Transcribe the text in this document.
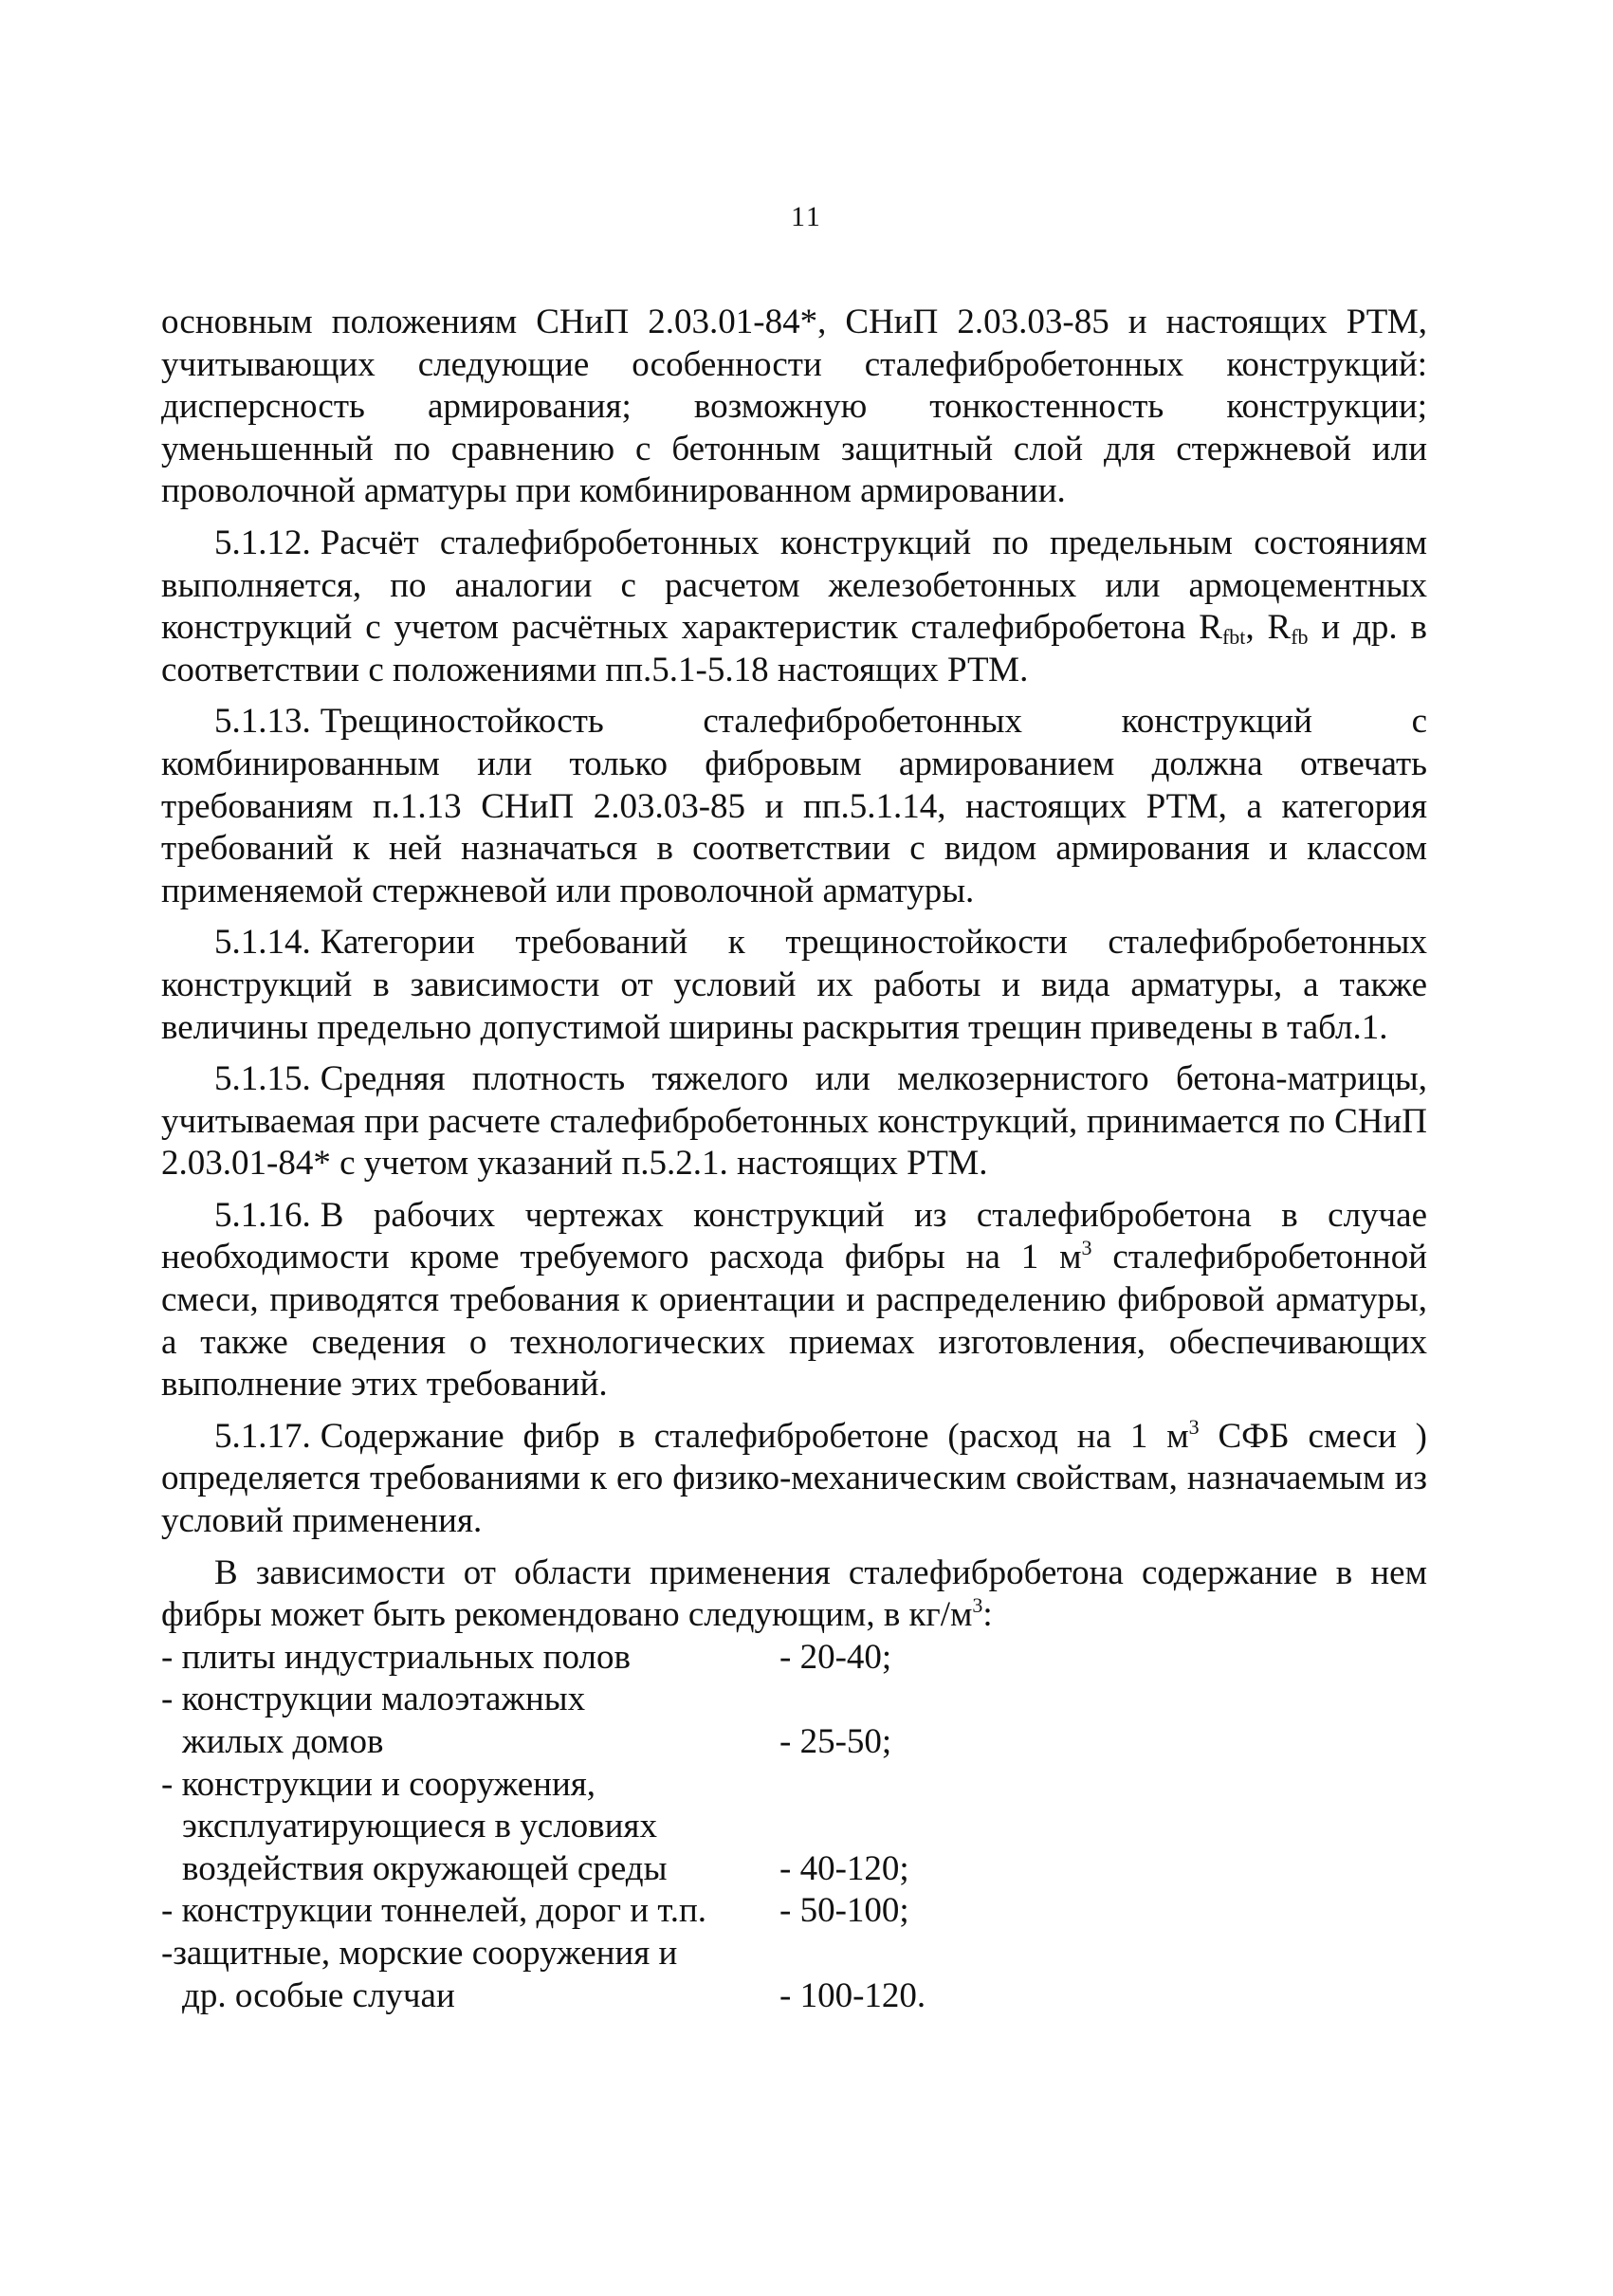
11

основным положениям СНиП 2.03.01-84*, СНиП 2.03.03-85 и настоящих РТМ, учитывающих следующие особенности сталефибробетонных конструкций: дисперсность армирования; возможную тонкостенность конструкции; уменьшенный по сравнению с бетонным защитный слой для стержневой или проволочной арматуры при комбинированном армировании.

5.1.12. Расчёт сталефибробетонных конструкций по предельным состояниям выполняется, по аналогии с расчетом железобетонных или армоцементных конструкций с учетом расчётных характеристик сталефибробетона $R_{fbt}$, $R_{fb}$ и др. в соответствии с положениями пп.5.1-5.18 настоящих РТМ.

5.1.13. Трещиностойкость сталефибробетонных конструкций с комбинированным или только фибровым армированием должна отвечать требованиям п.1.13 СНиП 2.03.03-85 и пп.5.1.14, настоящих РТМ, а категория требований к ней назначаться в соответствии с видом армирования и классом применяемой стержневой или проволочной арматуры.

5.1.14. Категории требований к трещиностойкости сталефибробетонных конструкций в зависимости от условий их работы и вида арматуры, а также величины предельно допустимой ширины раскрытия трещин приведены в табл.1.

5.1.15. Средняя плотность тяжелого или мелкозернистого бетона-матрицы, учитываемая при расчете сталефибробетонных конструкций, принимается по СНиП 2.03.01-84* с учетом указаний п.5.2.1. настоящих РТМ.

5.1.16. В рабочих чертежах конструкций из сталефибробетона в случае необходимости кроме требуемого расхода фибры на 1 $м^3$ сталефибробетонной смеси, приводятся требования к ориентации и распределению фибровой арматуры, а также сведения о технологических приемах изготовления, обеспечивающих выполнение этих требований.

5.1.17. Содержание фибр в сталефибробетоне (расход на 1 $м^3$ СФБ смеси ) определяется требованиями к его физико-механическим свойствам, назначаемым из условий применения.

В зависимости от области применения сталефибробетона содержание в нем фибры может быть рекомендовано следующим, в $кг/м^3$:

- плиты индустриальных полов	- 20-40;
- конструкции малоэтажных
жилых домов	- 25-50;
- конструкции и сооружения,
эксплуатирующиеся в условиях
воздействия окружающей среды	- 40-120;
- конструкции тоннелей, дорог и т.п.	- 50-100;
-защитные, морские сооружения и
др. особые случаи	- 100-120.
